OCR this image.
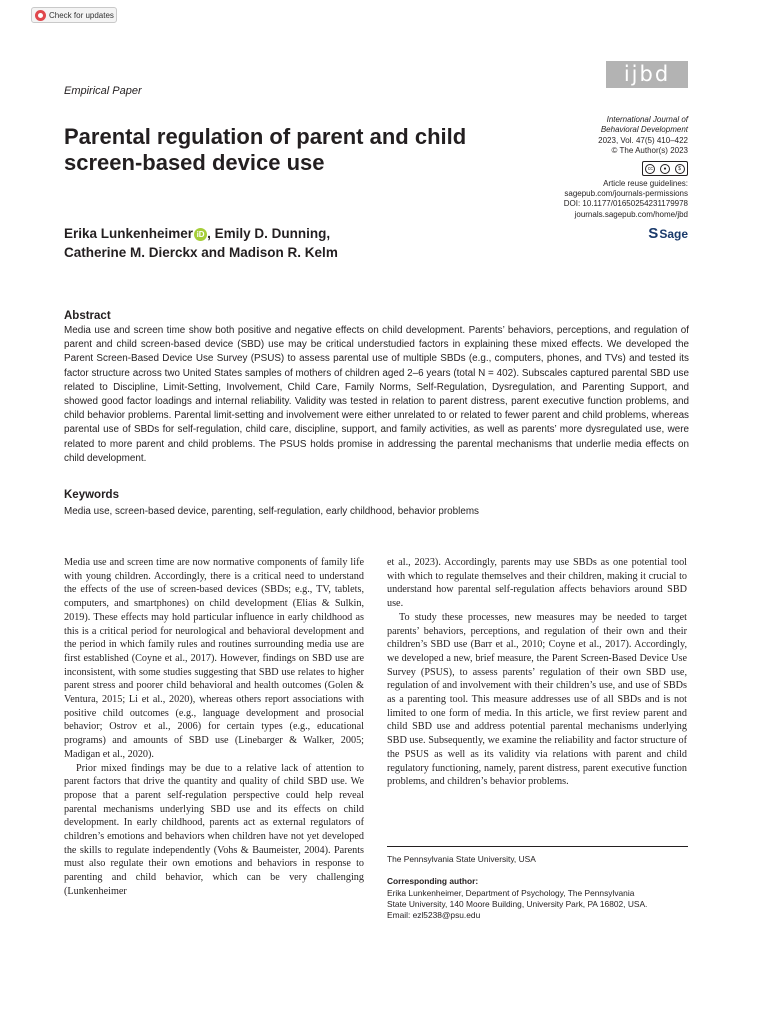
Check for updates
Empirical Paper
ijbd
Parental regulation of parent and child screen-based device use
International Journal of
Behavioral Development
2023, Vol. 47(5) 410–422
© The Author(s) 2023
cc	●	$
Article reuse guidelines:
sagepub.com/journals-permissions
DOI: 10.1177/01650254231179978
journals.sagepub.com/home/jbd
SSage
Erika Lunkenheimer iD , Emily D. Dunning,
Catherine M. Dierckx and Madison R. Kelm
Abstract
Media use and screen time show both positive and negative effects on child development. Parents’ behaviors, perceptions, and regulation of parent and child screen-based device (SBD) use may be critical understudied factors in explaining these mixed effects. We developed the Parent Screen-Based Device Use Survey (PSUS) to assess parental use of multiple SBDs (e.g., computers, phones, and TVs) and tested its factor structure across two United States samples of mothers of children aged 2–6 years (total N = 402). Subscales captured parental SBD use related to Discipline, Limit-Setting, Involvement, Child Care, Family Norms, Self-Regulation, Dysregulation, and Parenting Support, and showed good factor loadings and internal reliability. Validity was tested in relation to parent distress, parent executive function problems, and child behavior problems. Parental limit-setting and involvement were either unrelated to or related to fewer parent and child problems, whereas parental use of SBDs for self-regulation, child care, discipline, support, and family activities, as well as parents’ more dysregulated use, were related to more parent and child problems. The PSUS holds promise in addressing the parental mechanisms that underlie media effects on child development.
Keywords
Media use, screen-based device, parenting, self-regulation, early childhood, behavior problems

Media use and screen time are now normative components of family life with young children. Accordingly, there is a critical need to understand the effects of the use of screen-based devices (SBDs; e.g., TV, tablets, computers, and smartphones) on child development (Elias & Sulkin, 2019). These effects may hold particular influence in early childhood as this is a critical period for neurological and behavioral development and the period in which family rules and routines surrounding media use are first established (Coyne et al., 2017). However, findings on SBD use are inconsistent, with some studies suggesting that SBD use relates to higher parent stress and poorer child behavioral and health outcomes (Golen & Ventura, 2015; Li et al., 2020), whereas others report associations with positive child outcomes (e.g., language development and prosocial behavior; Ostrov et al., 2006) for certain types (e.g., educational programs) and amounts of SBD use (Linebarger & Walker, 2005; Madigan et al., 2020).

Prior mixed findings may be due to a relative lack of attention to parent factors that drive the quantity and quality of child SBD use. We propose that a parent self-regulation perspective could help reveal parental mechanisms underlying SBD use and its effects on child development. In early childhood, parents act as external regulators of children’s emotions and behaviors when children have not yet developed the skills to regulate independently (Vohs & Baumeister, 2004). Parents must also regulate their own emotions and behaviors in response to parenting and child behavior, which can be very challenging (Lunkenheimer

et al., 2023). Accordingly, parents may use SBDs as one potential tool with which to regulate themselves and their children, making it crucial to understand how parental self-regulation affects behaviors around SBD use.

To study these processes, new measures may be needed to target parents’ behaviors, perceptions, and regulation of their own and their children’s SBD use (Barr et al., 2010; Coyne et al., 2017). Accordingly, we developed a new, brief measure, the Parent Screen-Based Device Use Survey (PSUS), to assess parents’ regulation of their own SBD use, regulation of and involvement with their children’s use, and use of SBDs as a parenting tool. This measure addresses use of all SBDs and is not limited to one form of media. In this article, we first review parent and child SBD use and address potential parental mechanisms underlying SBD use. Subsequently, we examine the reliability and factor structure of the PSUS as well as its validity via relations with parent and child regulatory functioning, namely, parent distress, parent executive function problems, and children’s behavior problems.

The Pennsylvania State University, USA
Corresponding author:
Erika Lunkenheimer, Department of Psychology, The Pennsylvania
State University, 140 Moore Building, University Park, PA 16802, USA.
Email: ezl5238@psu.edu
